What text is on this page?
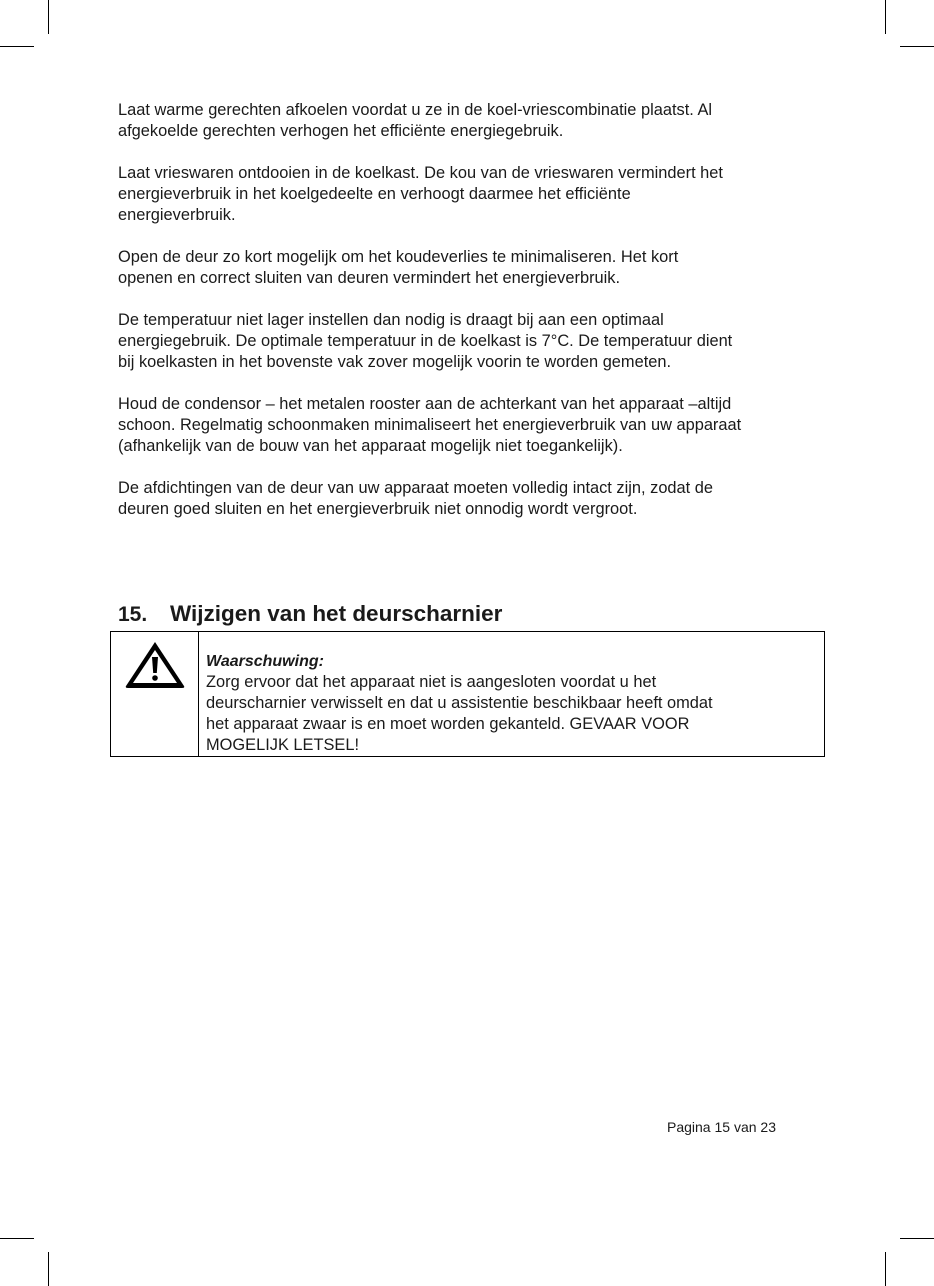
Laat warme gerechten afkoelen voordat u ze in de koel-vriescombinatie plaatst. Al
afgekoelde gerechten verhogen het efficiënte energiegebruik.

Laat vrieswaren ontdooien in de koelkast. De kou van de vrieswaren vermindert het
energieverbruik in het koelgedeelte en verhoogt daarmee het efficiënte
energieverbruik.

Open de deur zo kort mogelijk om het koudeverlies te minimaliseren. Het kort
openen en correct sluiten van deuren vermindert het energieverbruik.

De temperatuur niet lager instellen dan nodig is draagt bij aan een optimaal
energiegebruik. De optimale temperatuur in de koelkast is 7°C. De temperatuur dient
bij koelkasten in het bovenste vak zover mogelijk voorin te worden gemeten.

Houd de condensor – het metalen rooster aan de achterkant van het apparaat –altijd
schoon. Regelmatig schoonmaken minimaliseert het energieverbruik van uw apparaat
(afhankelijk van de bouw van het apparaat mogelijk niet toegankelijk).

De afdichtingen van de deur van uw apparaat moeten volledig intact zijn, zodat de
deuren goed sluiten en het energieverbruik niet onnodig wordt vergroot.

15.	Wijzigen van het deurscharnier
Waarschuwing:
Zorg ervoor dat het apparaat niet is aangesloten voordat u het
deurscharnier verwisselt en dat u assistentie beschikbaar heeft omdat
het apparaat zwaar is en moet worden gekanteld. GEVAAR VOOR
MOGELIJK LETSEL!
Pagina 15 van 23
